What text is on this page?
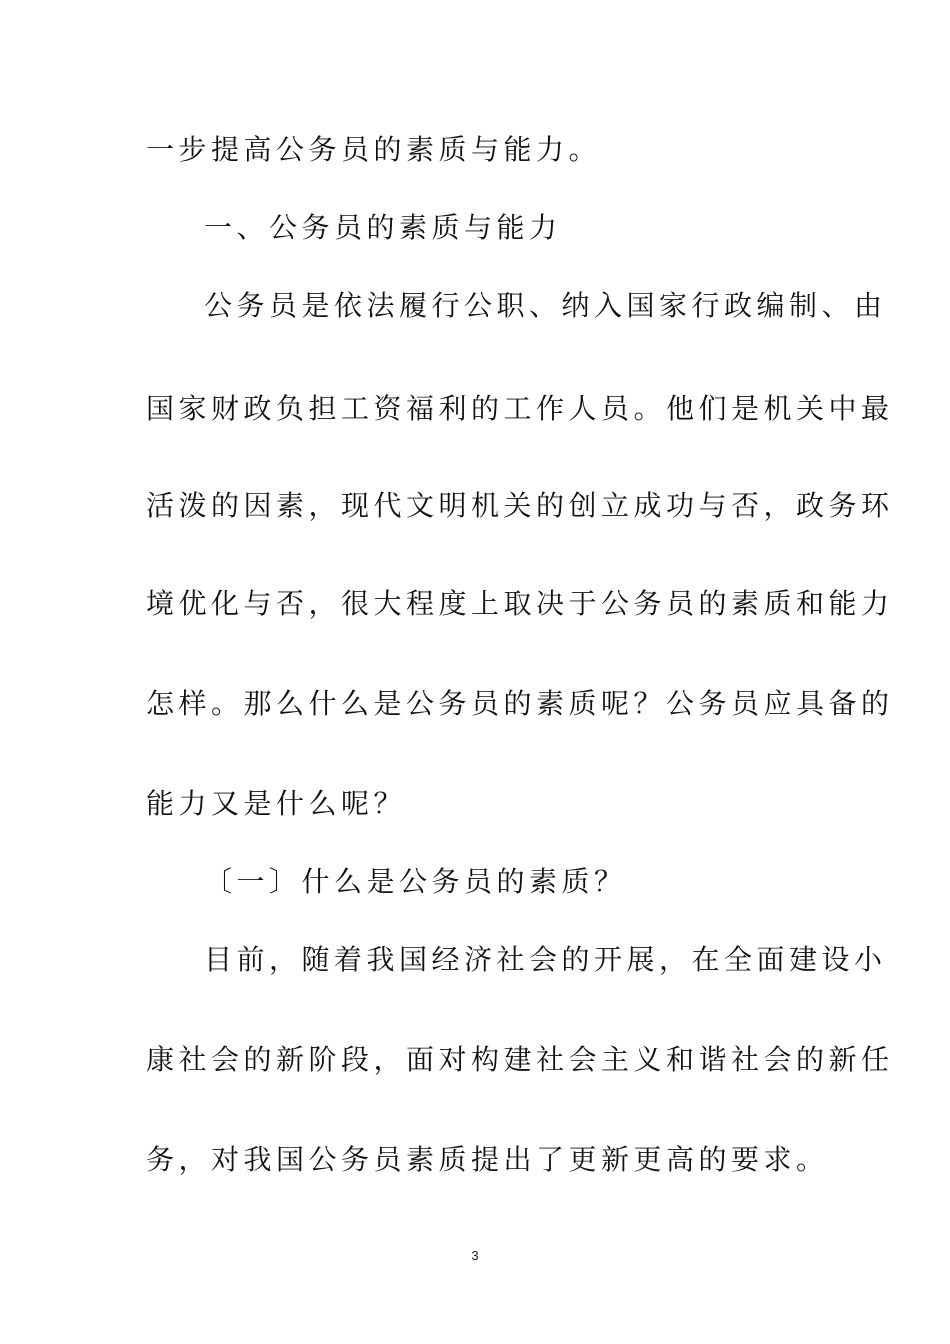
一步提高公务员的素质与能力。
一、公务员的素质与能力
公务员是依法履行公职、纳入国家行政编制、由
国家财政负担工资福利的工作人员。他们是机关中最
活泼的因素，现代文明机关的创立成功与否，政务环
境优化与否，很大程度上取决于公务员的素质和能力
怎样。那么什么是公务员的素质呢？公务员应具备的
能力又是什么呢？
〔一〕什么是公务员的素质？
目前，随着我国经济社会的开展，在全面建设小
康社会的新阶段，面对构建社会主义和谐社会的新任
务，对我国公务员素质提出了更新更高的要求。
3
